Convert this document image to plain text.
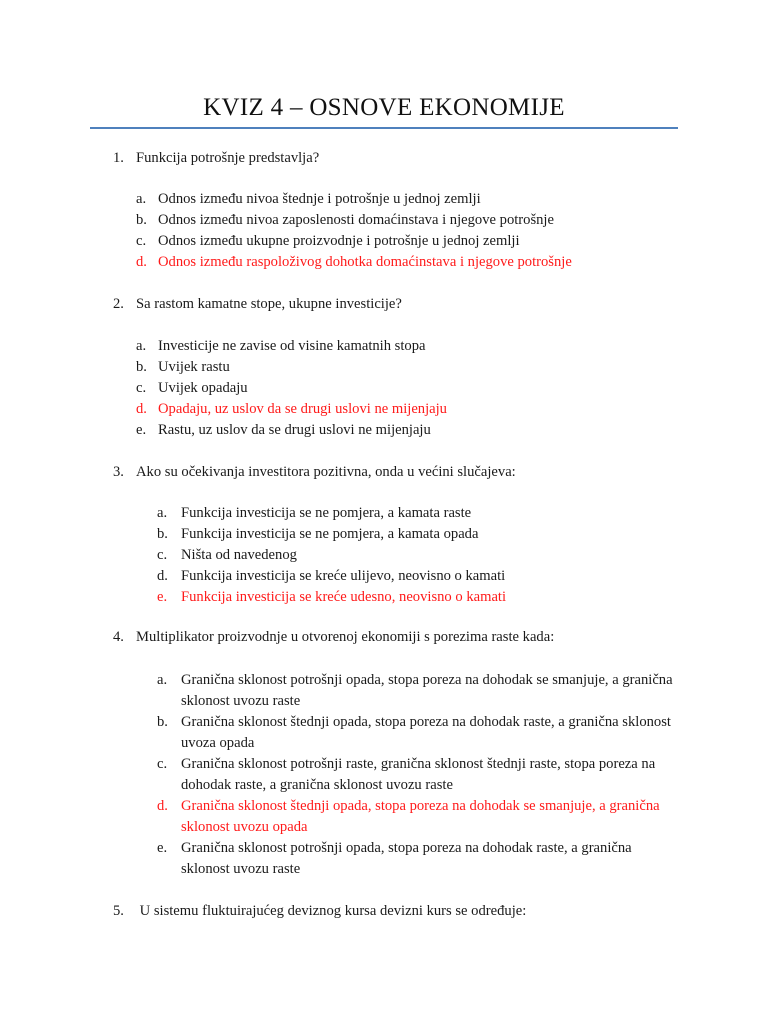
KVIZ 4 – OSNOVE EKONOMIJE
1. Funkcija potrošnje predstavlja?
a. Odnos između nivoa štednje i potrošnje u jednoj zemlji
b. Odnos između nivoa zaposlenosti domaćinstava i njegove potrošnje
c. Odnos između ukupne proizvodnje i potrošnje u jednoj zemlji
d. Odnos između raspoloživog dohotka domaćinstava i njegove potrošnje
2. Sa rastom kamatne stope, ukupne investicije?
a. Investicije ne zavise od visine kamatnih stopa
b. Uvijek rastu
c. Uvijek opadaju
d. Opadaju, uz uslov da se drugi uslovi ne mijenjaju
e. Rastu, uz uslov da se drugi uslovi ne mijenjaju
3. Ako su očekivanja investitora pozitivna, onda u većini slučajeva:
a. Funkcija investicija se ne pomjera, a kamata raste
b. Funkcija investicija se ne pomjera, a kamata opada
c. Ništa od navedenog
d. Funkcija investicija se kreće ulijevo, neovisno o kamati
e. Funkcija investicija se kreće udesno, neovisno o kamati
4. Multiplikator proizvodnje u otvorenoj ekonomiji s porezima raste kada:
a. Granična sklonost potrošnji opada, stopa poreza na dohodak se smanjuje, a granična sklonost uvozu raste
b. Granična sklonost štednji opada, stopa poreza na dohodak raste, a granična sklonost uvoza opada
c. Granična sklonost potrošnji raste, granična sklonost štednji raste, stopa poreza na dohodak raste, a granična sklonost uvozu raste
d. Granična sklonost štednji opada, stopa poreza na dohodak se smanjuje, a granična sklonost uvozu opada
e. Granična sklonost potrošnji opada, stopa poreza na dohodak raste, a granična sklonost uvozu raste
5. U sistemu fluktuirajućeg deviznog kursa devizni kurs se određuje:
